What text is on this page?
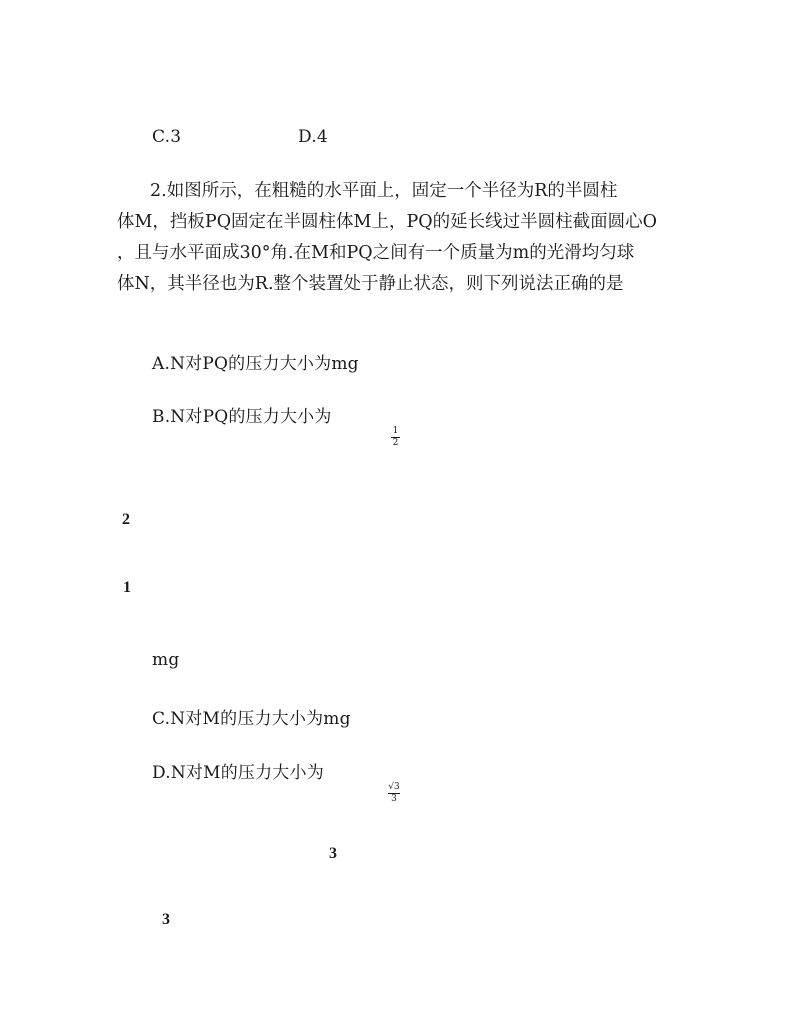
C.3	D.4
2.如图所示，在粗糙的水平面上，固定一个半径为R的半圆柱
体M，挡板PQ固定在半圆柱体M上，PQ的延长线过半圆柱截面圆心O
，且与水平面成30°角.在M和PQ之间有一个质量为m的光滑均匀球
体N，其半径也为R.整个装置处于静止状态，则下列说法正确的是
A.N对PQ的压力大小为mg
B.N对PQ的压力大小为
1
2
2
1
mg
C.N对M的压力大小为mg
D.N对M的压力大小为
√3
3
3
3
